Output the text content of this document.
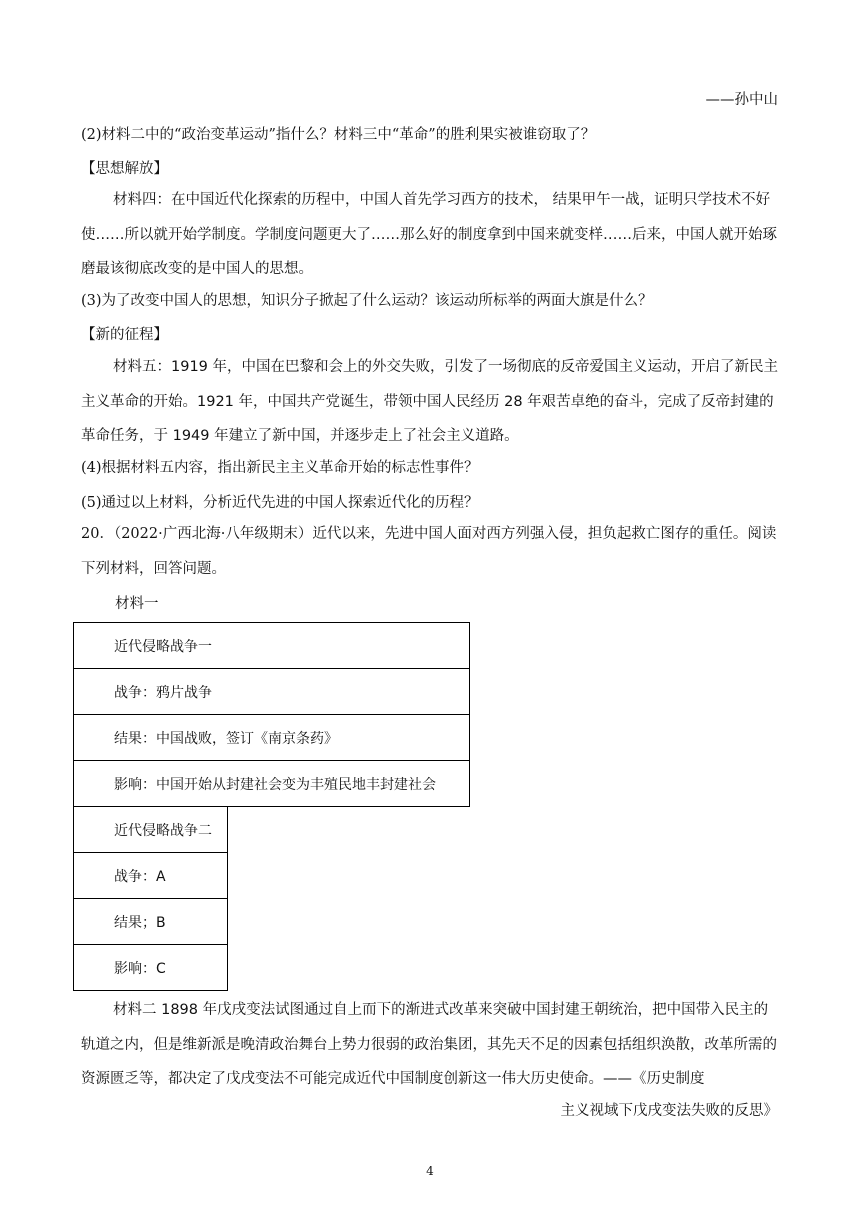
——孙中山
(2)材料二中的“政治变革运动”指什么？材料三中“革命”的胜利果实被谁窃取了？
【思想解放】

材料四：在中国近代化探索的历程中，中国人首先学习西方的技术， 结果甲午一战，证明只学技术不好使……所以就开始学制度。学制度问题更大了……那么好的制度拿到中国来就变样……后来，中国人就开始琢磨最该彻底改变的是中国人的思想。

(3)为了改变中国人的思想，知识分子掀起了什么运动？该运动所标举的两面大旗是什么？
【新的征程】

材料五：1919 年，中国在巴黎和会上的外交失败，引发了一场彻底的反帝爱国主义运动，开启了新民主主义革命的开始。1921 年，中国共产党诞生，带领中国人民经历 28 年艰苦卓绝的奋斗，完成了反帝封建的革命任务，于 1949 年建立了新中国，并逐步走上了社会主义道路。

(4)根据材料五内容，指出新民主主义革命开始的标志性事件？
(5)通过以上材料，分析近代先进的中国人探索近代化的历程？

20．（2022·广西北海·八年级期末）近代以来，先进中国人面对西方列强入侵，担负起救亡图存的重任。阅读下列材料，回答问题。

材料一
近代侵略战争一
战争：鸦片战争
结果：中国战败，签订《南京条药》
影响：中国开始从封建社会变为丰殖民地丰封建社会
近代侵略战争二
战争：A
结果；B
影响：C

材料二 1898 年戊戌变法试图通过自上而下的渐进式改革来突破中国封建王朝统治，把中国带入民主的轨道之内，但是维新派是晚清政治舞台上势力很弱的政治集团，其先天不足的因素包括组织涣散，改革所需的资源匮乏等，都决定了戊戌变法不可能完成近代中国制度创新这一伟大历史使命。——《历史制度

主义视域下戊戌变法失败的反思》
4
